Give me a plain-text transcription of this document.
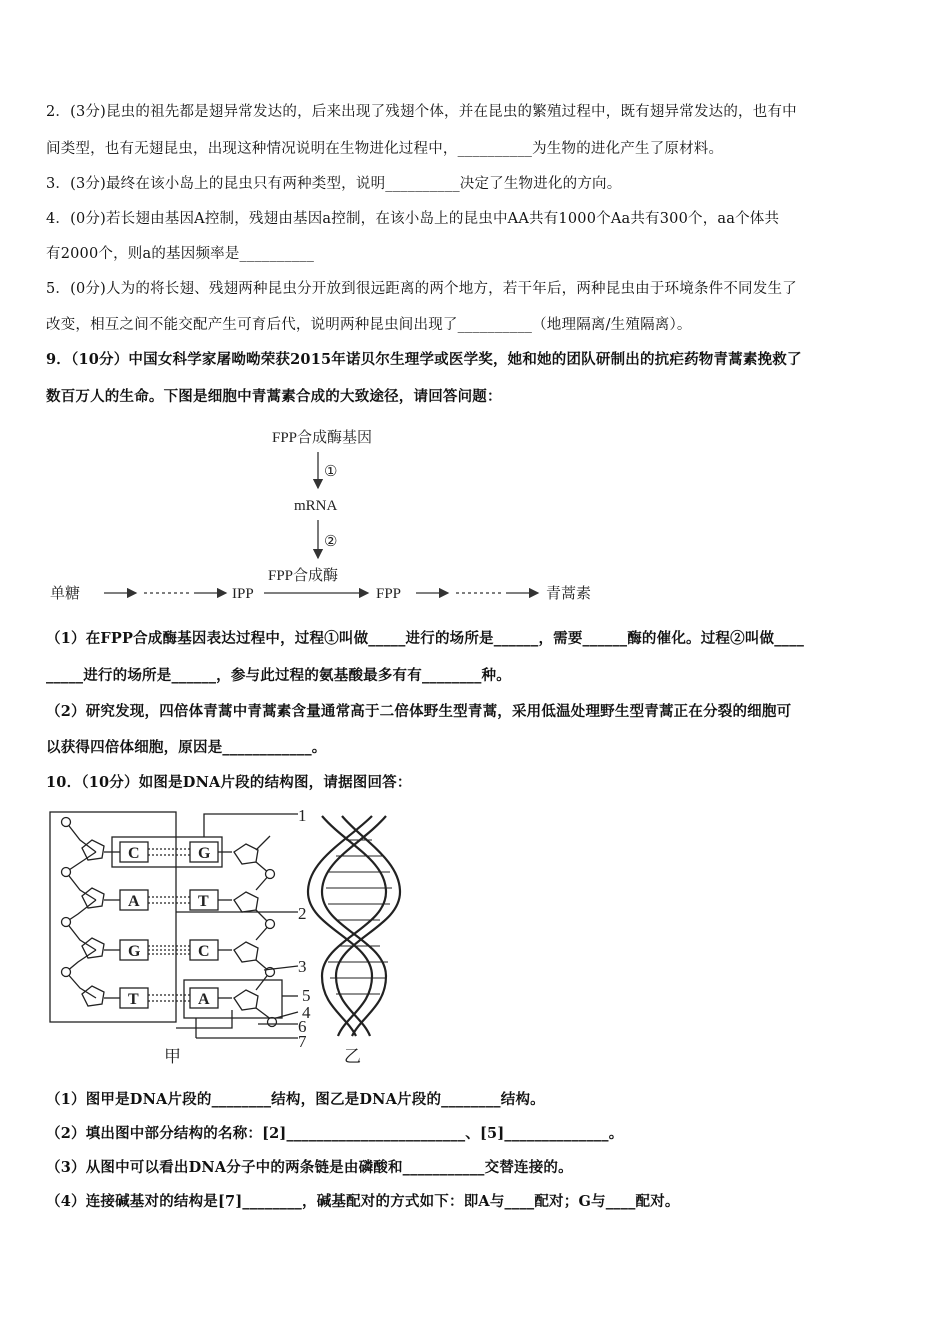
2．(3分)昆虫的祖先都是翅异常发达的，后来出现了残翅个体，并在昆虫的繁殖过程中，既有翅异常发达的，也有中
间类型，也有无翅昆虫，出现这种情况说明在生物进化过程中，__________为生物的进化产生了原材料。
3．(3分)最终在该小岛上的昆虫只有两种类型，说明__________决定了生物进化的方向。
4．(0分)若长翅由基因A控制，残翅由基因a控制，在该小岛上的昆虫中AA共有1000个Aa共有300个，aa个体共
有2000个，则a的基因频率是__________
5．(0分)人为的将长翅、残翅两种昆虫分开放到很远距离的两个地方，若干年后，两种昆虫由于环境条件不同发生了
改变，相互之间不能交配产生可育后代，说明两种昆虫间出现了__________（地理隔离/生殖隔离）。
9．（10分）中国女科学家屠呦呦荣获2015年诺贝尔生理学或医学奖，她和她的团队研制出的抗疟药物青蒿素挽救了
数百万人的生命。下图是细胞中青蒿素合成的大致途径，请回答问题：
FPP合成酶基因
①
mRNA
②
FPP合成酶
单糖	IPP	FPP	青蒿素
（1）在FPP合成酶基因表达过程中，过程①叫做_____进行的场所是______，需要______酶的催化。过程②叫做____
_____进行的场所是______，参与此过程的氨基酸最多有有________种。
（2）研究发现，四倍体青蒿中青蒿素含量通常高于二倍体野生型青蒿，采用低温处理野生型青蒿正在分裂的细胞可
以获得四倍体细胞，原因是____________。
10．（10分）如图是DNA片段的结构图，请据图回答：
C
A
G
T
G
T
C
A
1
2
3
4
5
6
7
甲	乙
（1）图甲是DNA片段的________结构，图乙是DNA片段的________结构。
（2）填出图中部分结构的名称：[2]________________________、[5]______________。
（3）从图中可以看出DNA分子中的两条链是由磷酸和___________交替连接的。
（4）连接碱基对的结构是[7]________，碱基配对的方式如下：即A与____配对；G与____配对。
